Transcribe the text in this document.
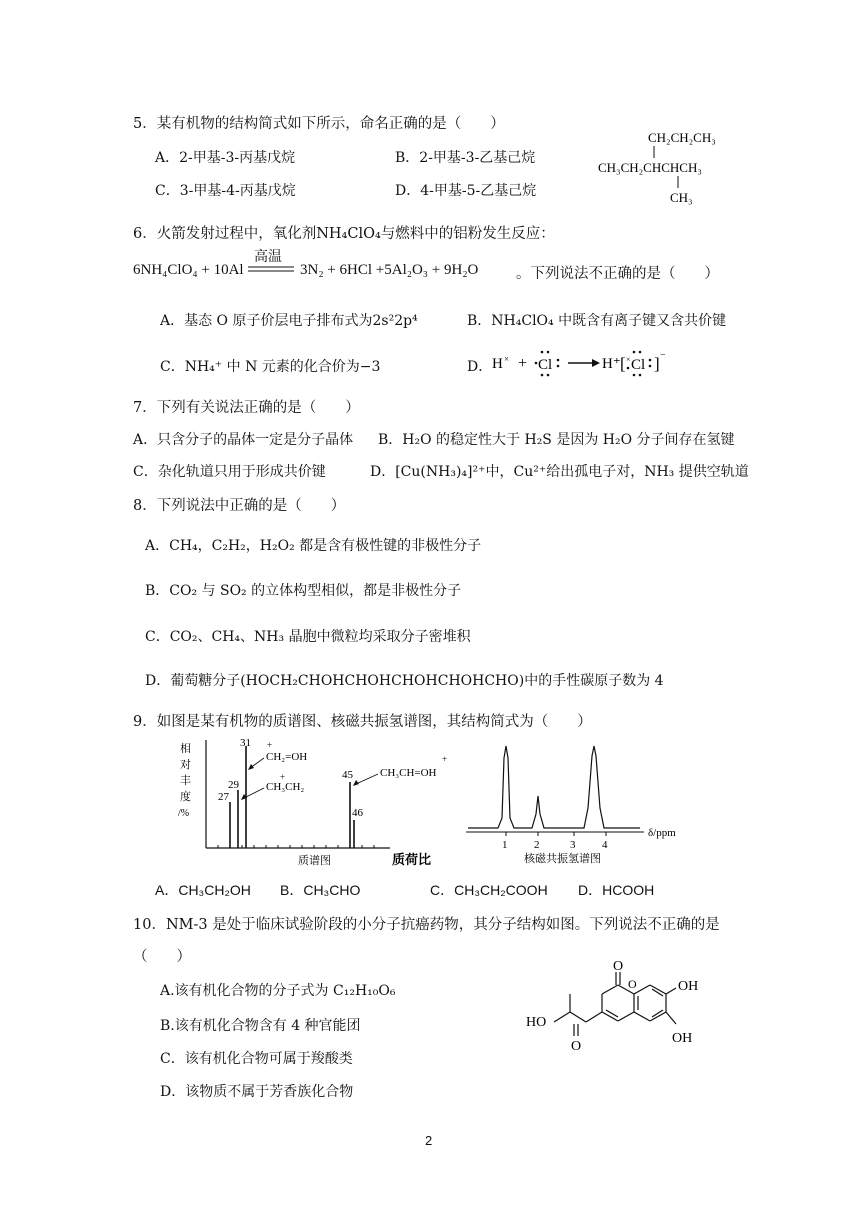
5．某有机物的结构简式如下所示，命名正确的是（　　）
A．2-甲基-3-丙基戊烷	B．2-甲基-3-乙基己烷
C．3-甲基-4-丙基戊烷	D．4-甲基-5-乙基己烷
CH₂CH₂CH₃
CH₃CH₂CHCHCH₃
CH₃
6．火箭发射过程中，氧化剂NH₄ClO₄与燃料中的铝粉发生反应：
6NH₄ClO₄ + 10Al
高温
3N₂ + 6HCl +5Al₂O₃ + 9H₂O	。下列说法不正确的是（　　）
A．基态 O 原子价层电子排布式为2s²2p⁴	B．NH₄ClO₄ 中既含有离子键又含共价键
C．NH₄⁺ 中 N 元素的化合价为−3	D． H × + Cl	H⁺ [ × Cl ] −
7．下列有关说法正确的是（　　）
A．只含分子的晶体一定是分子晶体 B．H₂O 的稳定性大于 H₂S 是因为 H₂O 分子间存在氢键
C．杂化轨道只用于形成共价键	D．[Cu(NH₃)₄]²⁺中，Cu²⁺给出孤电子对，NH₃ 提供空轨道
8．下列说法中正确的是（　　）
A．CH₄，C₂H₂，H₂O₂ 都是含有极性键的非极性分子
B．CO₂ 与 SO₂ 的立体构型相似，都是非极性分子
C．CO₂、CH₄、NH₃ 晶胞中微粒均采取分子密堆积
D．葡萄糖分子(HOCH₂CHOHCHOHCHOHCHOHCHO)中的手性碳原子数为 4
9．如图是某有机物的质谱图、核磁共振氢谱图，其结构简式为（　　）
相
对
丰
度
/%
27
29
31
45
46
+
CH₂=OH
+
CH₃CH₂
+
CH₃CH=OH
质谱图	质荷比
1 2	3 4
δ/ppm
核磁共振氢谱图
A．CH₃CH₂OH B．CH₃CHO	C．CH₃CH₂COOH D．HCOOH
10．NM-3 是处于临床试验阶段的小分子抗癌药物，其分子结构如图。下列说法不正确的是
（　　）
A.该有机化合物的分子式为 C₁₂H₁₀O₆
B.该有机化合物含有 4 种官能团
C．该有机化合物可属于羧酸类
D．该物质不属于芳香族化合物
HO
O
O
O	OH
OH
2
